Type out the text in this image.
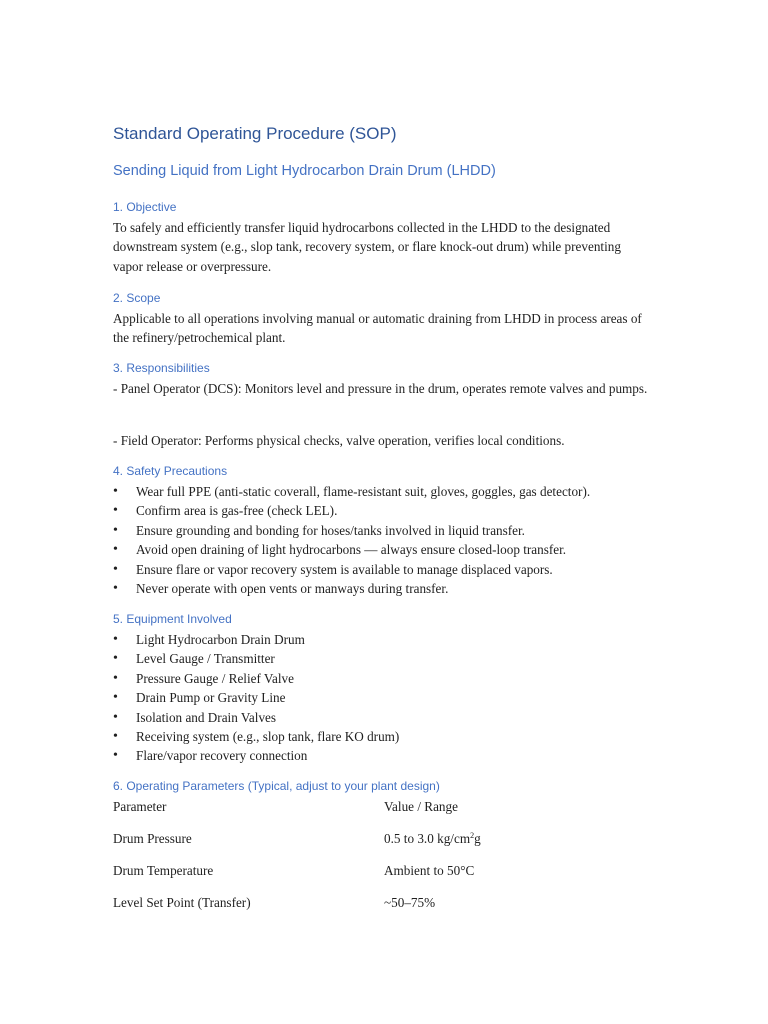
Standard Operating Procedure (SOP)
Sending Liquid from Light Hydrocarbon Drain Drum (LHDD)
1. Objective
To safely and efficiently transfer liquid hydrocarbons collected in the LHDD to the designated downstream system (e.g., slop tank, recovery system, or flare knock-out drum) while preventing vapor release or overpressure.
2. Scope
Applicable to all operations involving manual or automatic draining from LHDD in process areas of the refinery/petrochemical plant.
3. Responsibilities
- Panel Operator (DCS): Monitors level and pressure in the drum, operates remote valves and pumps.
- Field Operator: Performs physical checks, valve operation, verifies local conditions.
4. Safety Precautions
• Wear full PPE (anti-static coverall, flame-resistant suit, gloves, goggles, gas detector).
• Confirm area is gas-free (check LEL).
• Ensure grounding and bonding for hoses/tanks involved in liquid transfer.
• Avoid open draining of light hydrocarbons — always ensure closed-loop transfer.
• Ensure flare or vapor recovery system is available to manage displaced vapors.
• Never operate with open vents or manways during transfer.
5. Equipment Involved
• Light Hydrocarbon Drain Drum
• Level Gauge / Transmitter
• Pressure Gauge / Relief Valve
• Drain Pump or Gravity Line
• Isolation and Drain Valves
• Receiving system (e.g., slop tank, flare KO drum)
• Flare/vapor recovery connection
6. Operating Parameters (Typical, adjust to your plant design)
Parameter	Value / Range
Drum Pressure	0.5 to 3.0 $kg/cm^2g$
Drum Temperature	Ambient to 50°C
Level Set Point (Transfer)	~50–75%
